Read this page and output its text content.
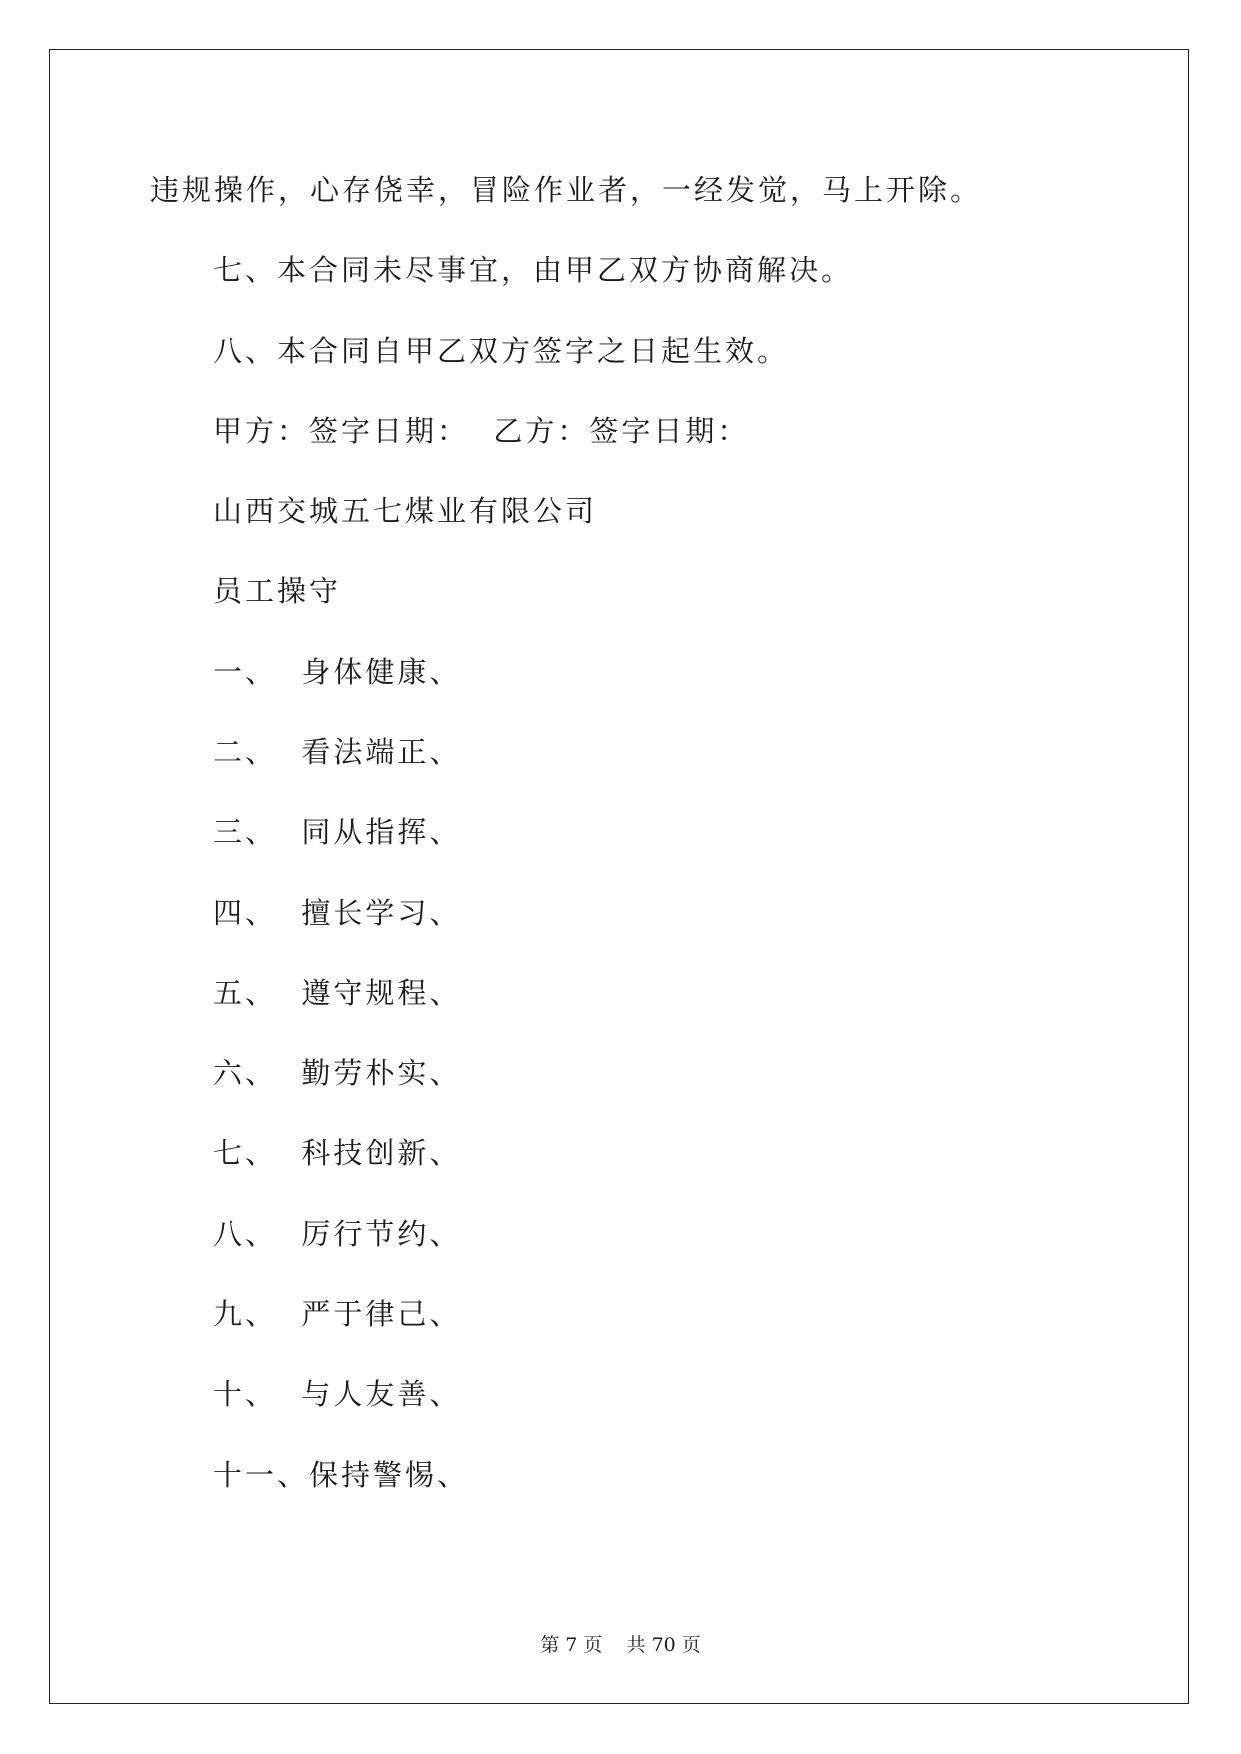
违规操作，心存侥幸，冒险作业者，一经发觉，马上开除。
七、本合同未尽事宜，由甲乙双方协商解决。
八、本合同自甲乙双方签字之日起生效。
甲方：签字日期：  乙方：签字日期：
山西交城五七煤业有限公司
员工操守
一、  身体健康、
二、  看法端正、
三、  同从指挥、
四、  擅长学习、
五、  遵守规程、
六、  勤劳朴实、
七、  科技创新、
八、  厉行节约、
九、  严于律己、
十、  与人友善、
十一、保持警惕、
第 7 页    共 70 页
